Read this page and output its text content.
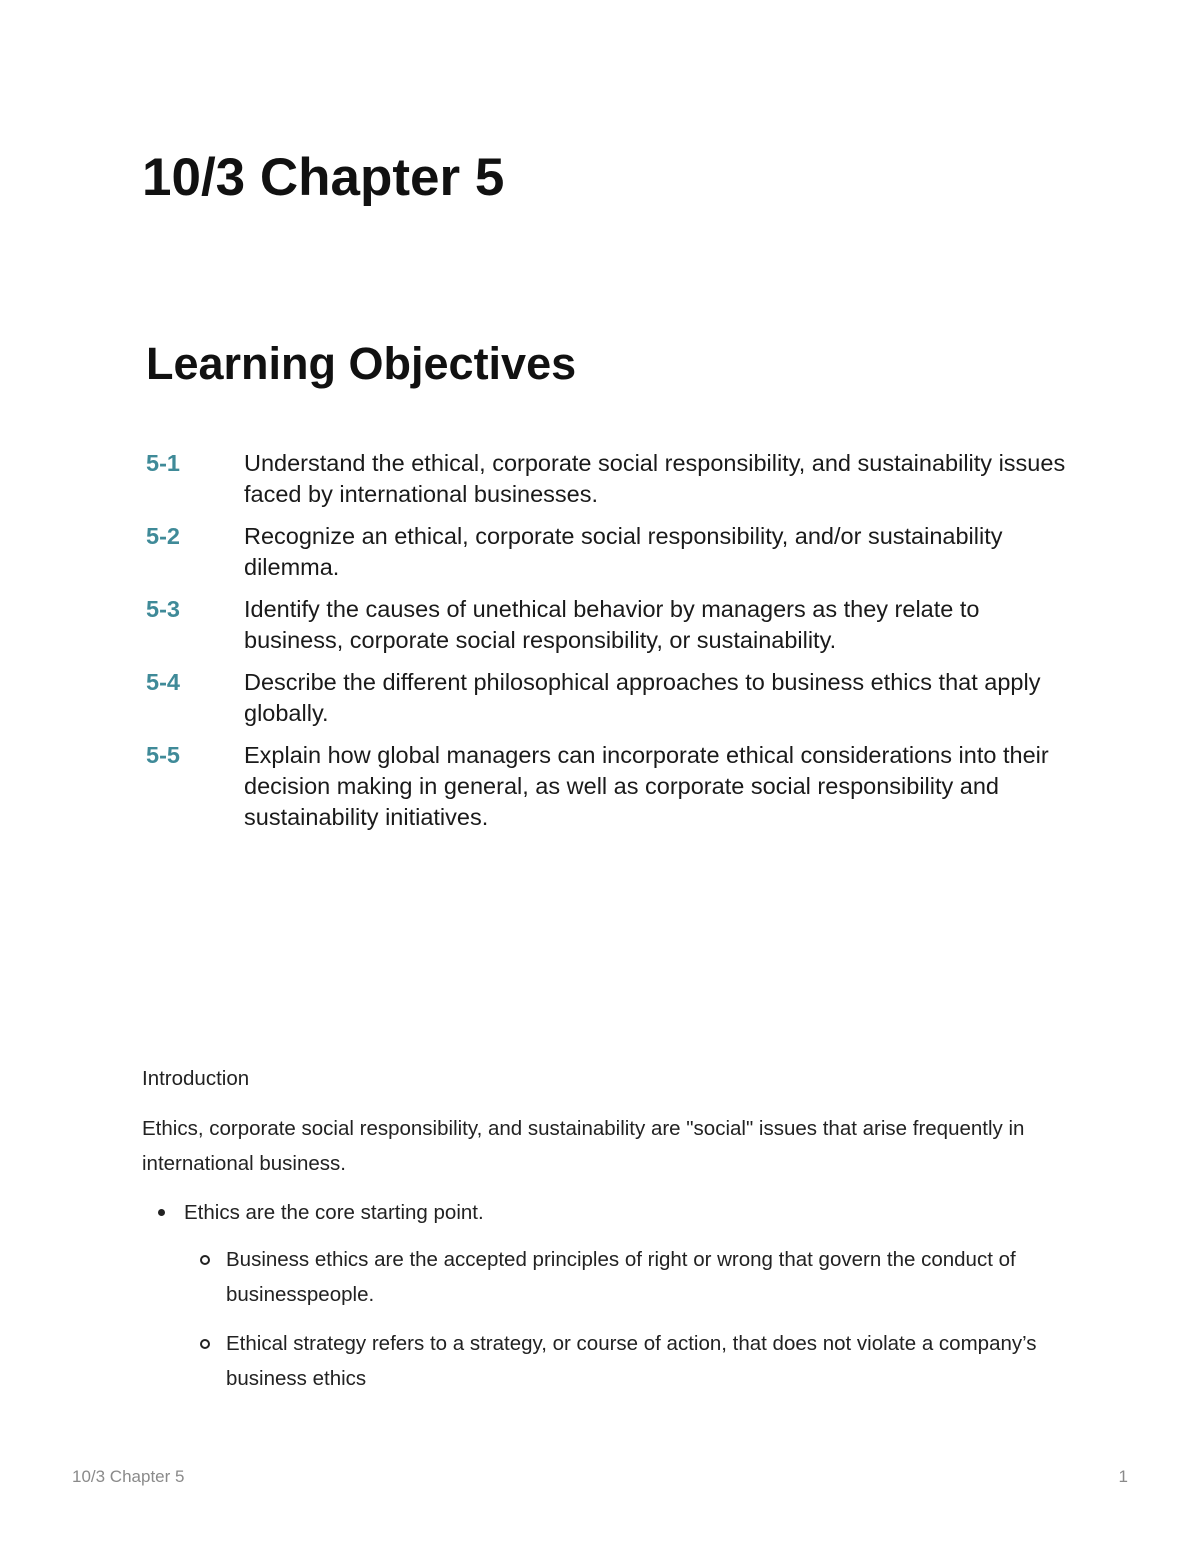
10/3 Chapter 5
Learning Objectives
5-1	Understand the ethical, corporate social responsibility, and sustainability issues faced by international businesses.
5-2	Recognize an ethical, corporate social responsibility, and/or sustainability dilemma.
5-3	Identify the causes of unethical behavior by managers as they relate to business, corporate social responsibility, or sustainability.
5-4	Describe the different philosophical approaches to business ethics that apply globally.
5-5	Explain how global managers can incorporate ethical considerations into their decision making in general, as well as corporate social responsibility and sustainability initiatives.

Introduction

Ethics, corporate social responsibility, and sustainability are "social" issues that arise frequently in international business.

Ethics are the core starting point.
Business ethics are the accepted principles of right or wrong that govern the conduct of businesspeople.
Ethical strategy refers to a strategy, or course of action, that does not violate a company’s business ethics
10/3 Chapter 5	1
